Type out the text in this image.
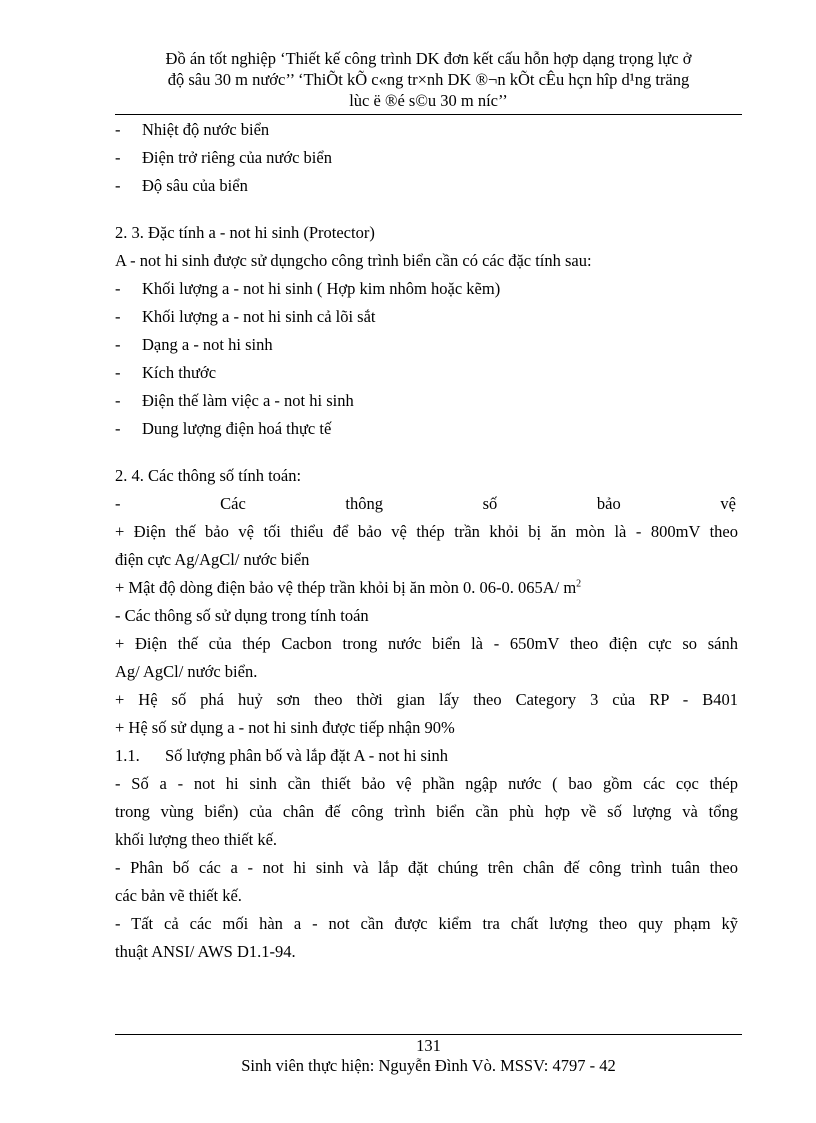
Đồ án tốt nghiệp ‘Thiết kế công trình DK đơn kết cấu hỗn hợp dạng trọng lực ở
độ sâu 30 m nước’’ ‘ThiÕt kÕ c«ng tr×nh DK ®¬n kÕt cÊu hçn hîp d¹ng träng
lùc ë ®é s©u 30 m níc’’
- Nhiệt độ nước biển
- Điện trở riêng của nước biển
- Độ sâu của biển
2. 3. Đặc tính a - not hi sinh (Protector)
A - not hi sinh được sử dụngcho công trình biển cần có các đặc tính sau:
- Khối lượng a - not hi sinh ( Hợp kim nhôm hoặc kẽm)
- Khối lượng a - not hi sinh cả lõi sắt
- Dạng a - not hi sinh
- Kích thước
- Điện thế làm việc a - not hi sinh
- Dung lượng điện hoá thực tế
2. 4. Các thông số tính toán:
-	Các	thông	số	bảo	vệ
+ Điện thế bảo vệ tối thiểu để bảo vệ thép trần khỏi bị ăn mòn là - 800mV theo
điện cực Ag/AgCl/ nước biển
+ Mật độ dòng điện bảo vệ thép trần khỏi bị ăn mòn 0. 06-0. 065A/ $m^2$
- Các thông số sử dụng trong tính toán
+ Điện thế của thép Cacbon trong nước biển là - 650mV theo điện cực so sánh
Ag/ AgCl/ nước biển.
+ Hệ số phá huỷ sơn theo thời gian lấy theo Category 3 của RP - B401
+ Hệ số sử dụng a - not hi sinh được tiếp nhận 90%
1.1. Số lượng phân bố và lắp đặt A - not hi sinh
- Số a - not hi sinh cần thiết bảo vệ phần ngập nước ( bao gồm các cọc thép
trong vùng biển) của chân đế công trình biển cần phù hợp về số lượng và tổng
khối lượng theo thiết kế.
- Phân bố các a - not hi sinh và lắp đặt chúng trên chân đế công trình tuân theo
các bản vẽ thiết kế.
- Tất cả các mối hàn a - not cần được kiểm tra chất lượng theo quy phạm kỹ
thuật ANSI/ AWS D1.1-94.
131
Sinh viên thực hiện: Nguyễn Đình Vò. MSSV: 4797 - 42
